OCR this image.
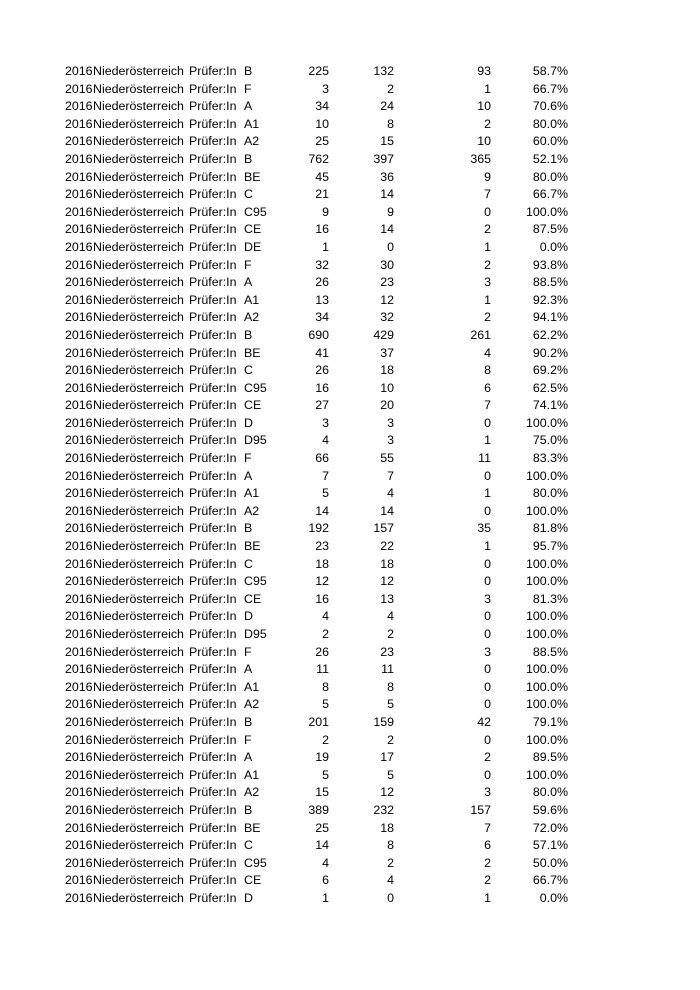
2016 Niederösterreich Prüfer:In B	225	132	93	58.7%
2016 Niederösterreich Prüfer:In F	3	2	1	66.7%
2016 Niederösterreich Prüfer:In A	34	24	10	70.6%
2016 Niederösterreich Prüfer:In A1	10	8	2	80.0%
2016 Niederösterreich Prüfer:In A2	25	15	10	60.0%
2016 Niederösterreich Prüfer:In B	762	397	365	52.1%
2016 Niederösterreich Prüfer:In BE	45	36	9	80.0%
2016 Niederösterreich Prüfer:In C	21	14	7	66.7%
2016 Niederösterreich Prüfer:In C95	9	9	0	100.0%
2016 Niederösterreich Prüfer:In CE	16	14	2	87.5%
2016 Niederösterreich Prüfer:In DE	1	0	1	0.0%
2016 Niederösterreich Prüfer:In F	32	30	2	93.8%
2016 Niederösterreich Prüfer:In A	26	23	3	88.5%
2016 Niederösterreich Prüfer:In A1	13	12	1	92.3%
2016 Niederösterreich Prüfer:In A2	34	32	2	94.1%
2016 Niederösterreich Prüfer:In B	690	429	261	62.2%
2016 Niederösterreich Prüfer:In BE	41	37	4	90.2%
2016 Niederösterreich Prüfer:In C	26	18	8	69.2%
2016 Niederösterreich Prüfer:In C95	16	10	6	62.5%
2016 Niederösterreich Prüfer:In CE	27	20	7	74.1%
2016 Niederösterreich Prüfer:In D	3	3	0	100.0%
2016 Niederösterreich Prüfer:In D95	4	3	1	75.0%
2016 Niederösterreich Prüfer:In F	66	55	11	83.3%
2016 Niederösterreich Prüfer:In A	7	7	0	100.0%
2016 Niederösterreich Prüfer:In A1	5	4	1	80.0%
2016 Niederösterreich Prüfer:In A2	14	14	0	100.0%
2016 Niederösterreich Prüfer:In B	192	157	35	81.8%
2016 Niederösterreich Prüfer:In BE	23	22	1	95.7%
2016 Niederösterreich Prüfer:In C	18	18	0	100.0%
2016 Niederösterreich Prüfer:In C95	12	12	0	100.0%
2016 Niederösterreich Prüfer:In CE	16	13	3	81.3%
2016 Niederösterreich Prüfer:In D	4	4	0	100.0%
2016 Niederösterreich Prüfer:In D95	2	2	0	100.0%
2016 Niederösterreich Prüfer:In F	26	23	3	88.5%
2016 Niederösterreich Prüfer:In A	11	11	0	100.0%
2016 Niederösterreich Prüfer:In A1	8	8	0	100.0%
2016 Niederösterreich Prüfer:In A2	5	5	0	100.0%
2016 Niederösterreich Prüfer:In B	201	159	42	79.1%
2016 Niederösterreich Prüfer:In F	2	2	0	100.0%
2016 Niederösterreich Prüfer:In A	19	17	2	89.5%
2016 Niederösterreich Prüfer:In A1	5	5	0	100.0%
2016 Niederösterreich Prüfer:In A2	15	12	3	80.0%
2016 Niederösterreich Prüfer:In B	389	232	157	59.6%
2016 Niederösterreich Prüfer:In BE	25	18	7	72.0%
2016 Niederösterreich Prüfer:In C	14	8	6	57.1%
2016 Niederösterreich Prüfer:In C95	4	2	2	50.0%
2016 Niederösterreich Prüfer:In CE	6	4	2	66.7%
2016 Niederösterreich Prüfer:In D	1	0	1	0.0%
